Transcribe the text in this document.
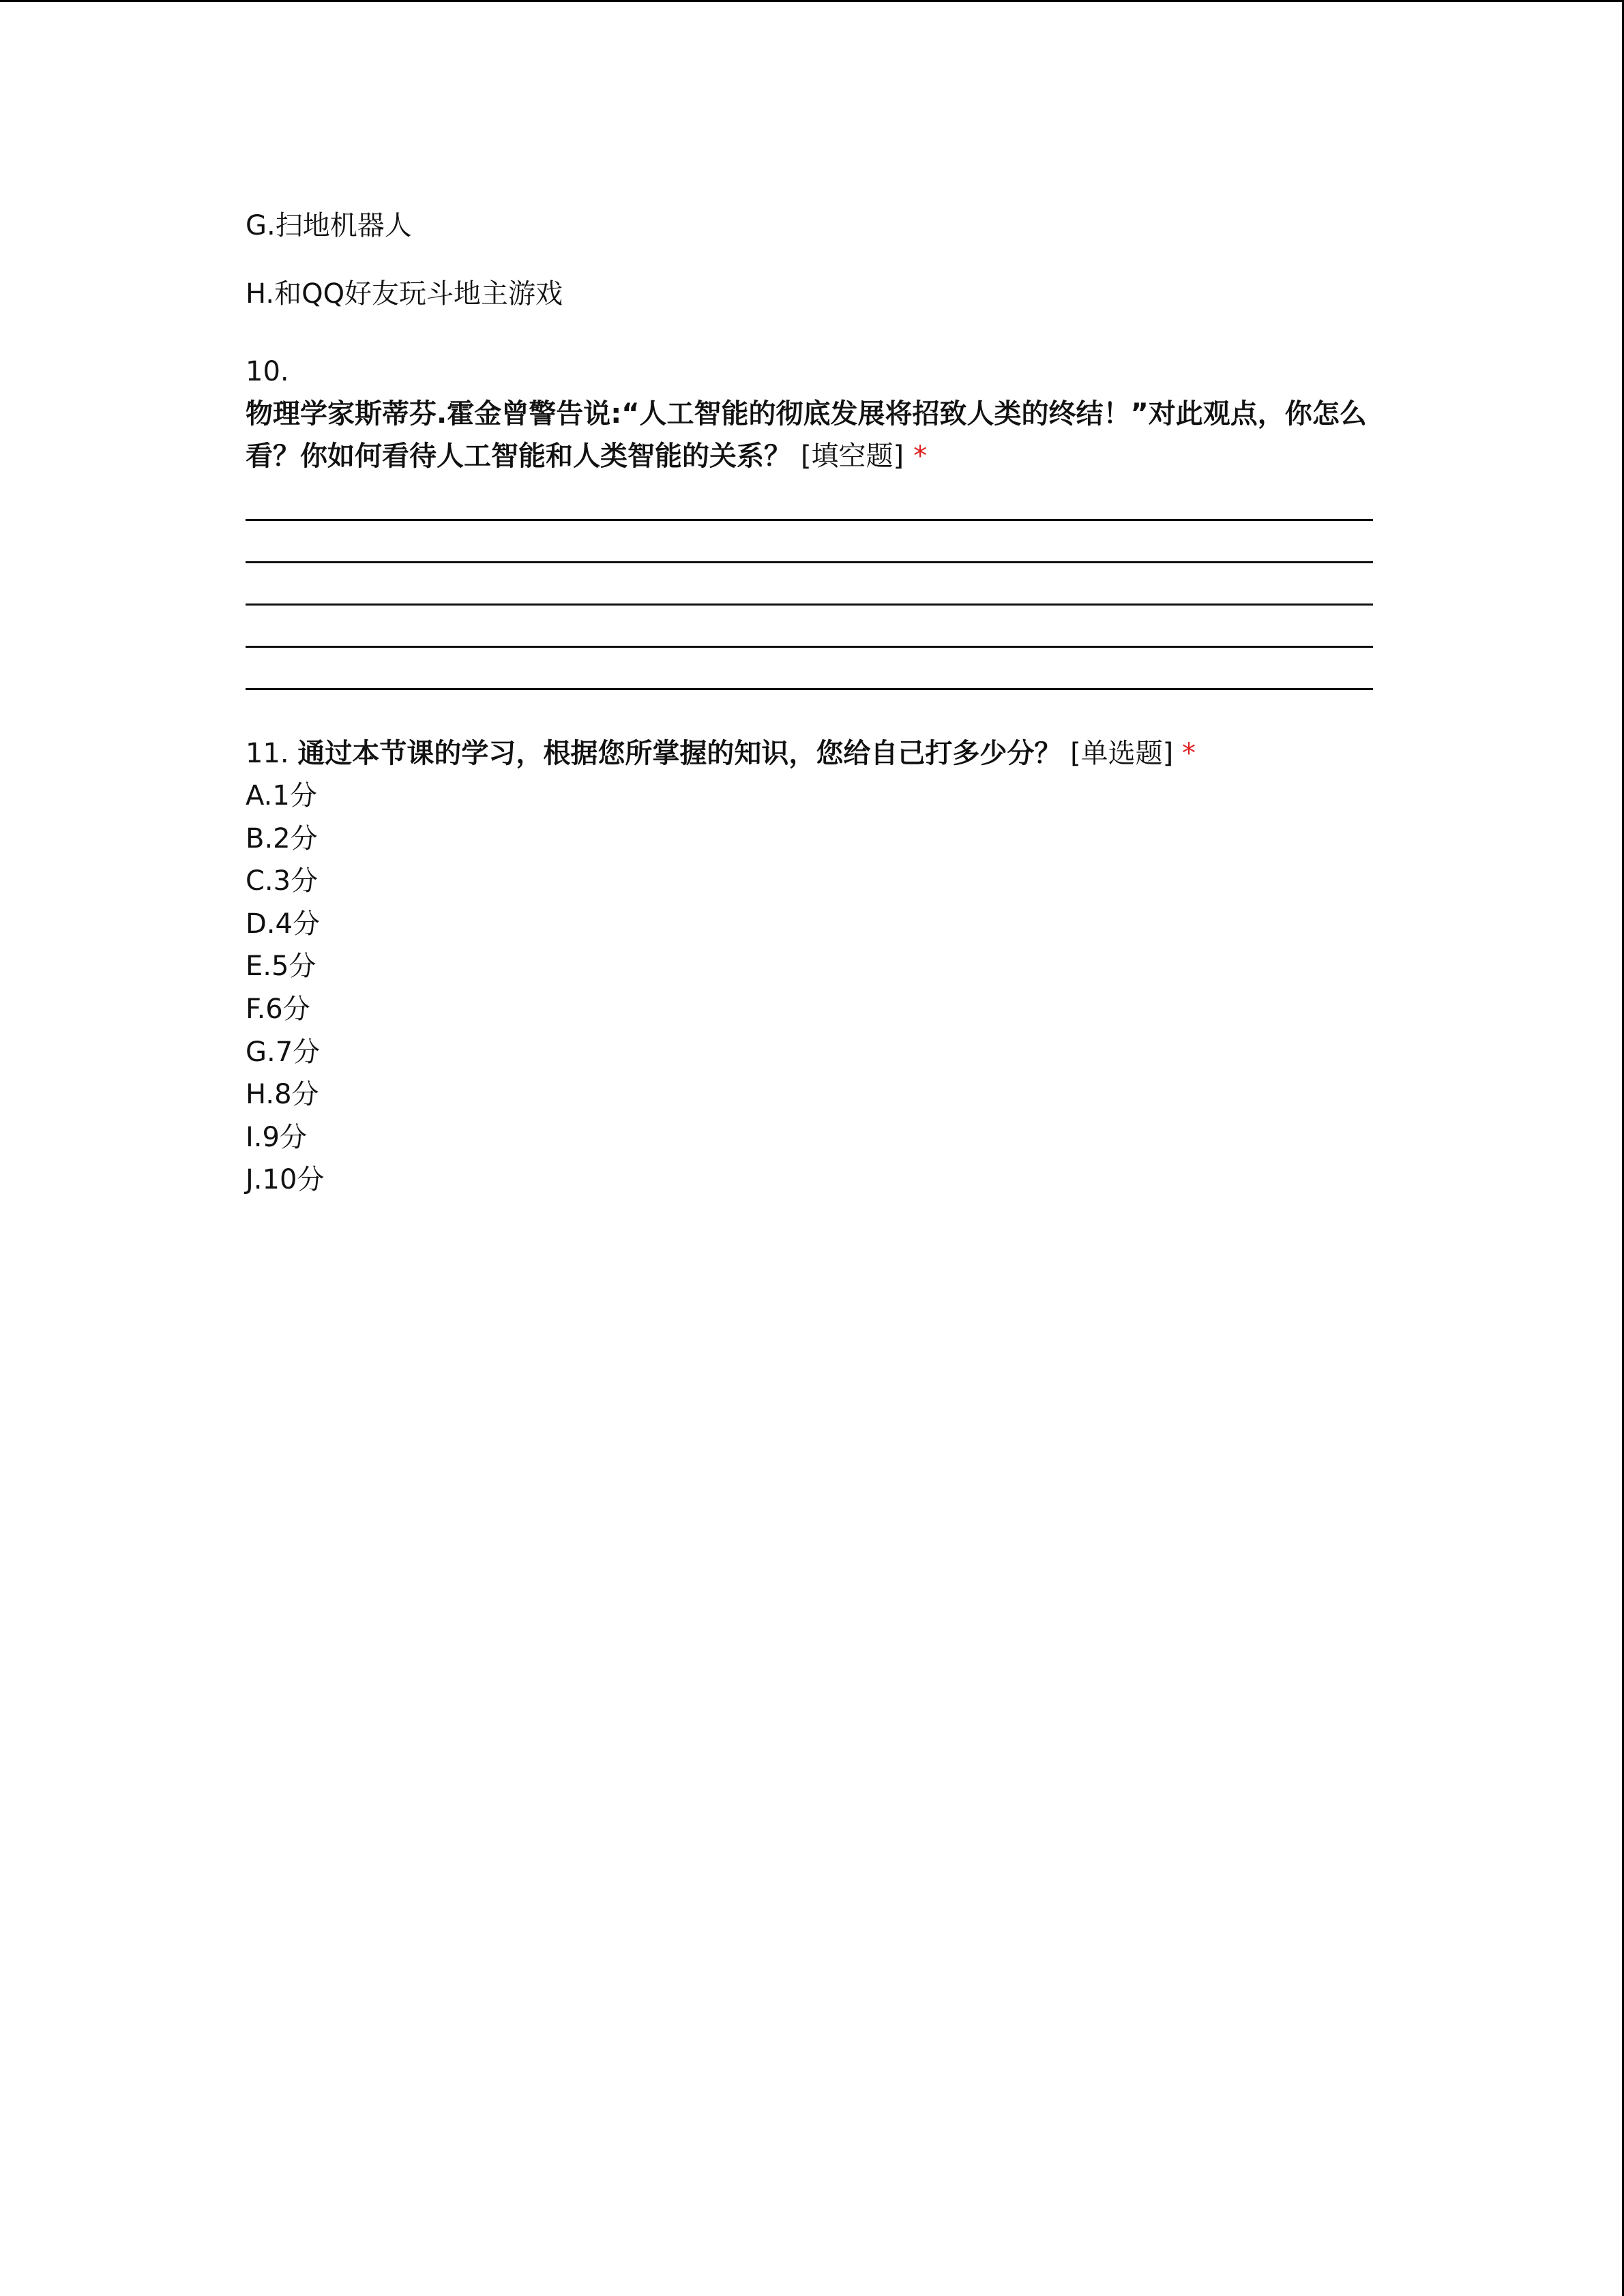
G.扫地机器人
H.和QQ好友玩斗地主游戏
10.
物理学家斯蒂芬.霍金曾警告说:“人工智能的彻底发展将招致人类的终结！”对此观点，你怎么看？你如何看待人工智能和人类智能的关系？ [填空题] *
11. 通过本节课的学习，根据您所掌握的知识，您给自己打多少分？ [单选题] *
A.1分
B.2分
C.3分
D.4分
E.5分
F.6分
G.7分
H.8分
I.9分
J.10分
